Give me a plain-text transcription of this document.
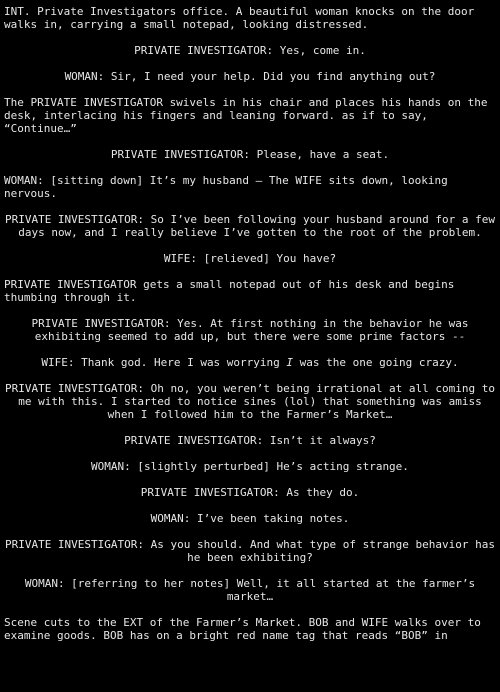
INT. Private Investigators office. A beautiful woman knocks on the door walks in, carrying a small notepad, looking distressed.

PRIVATE INVESTIGATOR: Yes, come in.

WOMAN: Sir, I need your help. Did you find anything out?

The PRIVATE INVESTIGATOR swivels in his chair and places his hands on the desk, interlacing his fingers and leaning forward. as if to say, “Continue…”

PRIVATE INVESTIGATOR: Please, have a seat.

WOMAN: [sitting down] It’s my husband – The WIFE sits down, looking nervous.

PRIVATE INVESTIGATOR: So I’ve been following your husband around for a few days now, and I really believe I’ve gotten to the root of the problem.

WIFE: [relieved] You have?

PRIVATE INVESTIGATOR gets a small notepad out of his desk and begins thumbing through it.

PRIVATE INVESTIGATOR: Yes. At first nothing in the behavior he was exhibiting seemed to add up, but there were some prime factors --

WIFE: Thank god. Here I was worrying I was the one going crazy.

PRIVATE INVESTIGATOR: Oh no, you weren’t being irrational at all coming to me with this. I started to notice sines (lol) that something was amiss when I followed him to the Farmer’s Market…

PRIVATE INVESTIGATOR: Isn’t it always?

WOMAN: [slightly perturbed] He’s acting strange.

PRIVATE INVESTIGATOR: As they do.

WOMAN: I’ve been taking notes.

PRIVATE INVESTIGATOR: As you should. And what type of strange behavior has he been exhibiting?

WOMAN: [referring to her notes] Well, it all started at the farmer’s market…

Scene cuts to the EXT of the Farmer’s Market. BOB and WIFE walks over to examine goods. BOB has on a bright red name tag that reads “BOB” in
